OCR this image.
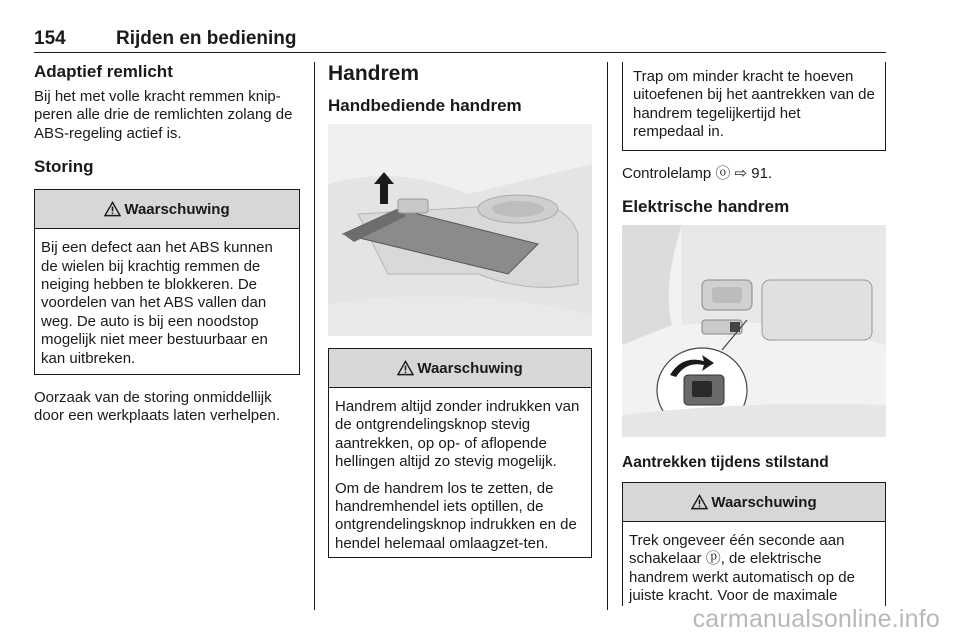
154	Rijden en bediening
Adaptief remlicht

Bij het met volle kracht remmen knip-peren alle drie de remlichten zolang de ABS-regeling actief is.

Storing
Waarschuwing

Bij een defect aan het ABS kunnen de wielen bij krachtig remmen de neiging hebben te blokkeren. De voordelen van het ABS vallen dan weg. De auto is bij een noodstop mogelijk niet meer bestuurbaar en kan uitbreken.

Oorzaak van de storing onmiddellijk door een werkplaats laten verhelpen.

Handrem
Handbediende handrem
Waarschuwing

Handrem altijd zonder indrukken van de ontgrendelingsknop stevig aantrekken, op op- of aflopende hellingen altijd zo stevig mogelijk.

Om de handrem los te zetten, de handremhendel iets optillen, de ontgrendelingsknop indrukken en de hendel helemaal omlaagzet-ten.

Trap om minder kracht te hoeven uitoefenen bij het aantrekken van de handrem tegelijkertijd het rempedaal in.

Controlelamp ⓞ ⇨ 91.

Elektrische handrem
Aantrekken tijdens stilstand
Waarschuwing

Trek ongeveer één seconde aan schakelaar ⓟ, de elektrische handrem werkt automatisch op de juiste kracht. Voor de maximale

carmanualsonline.info
